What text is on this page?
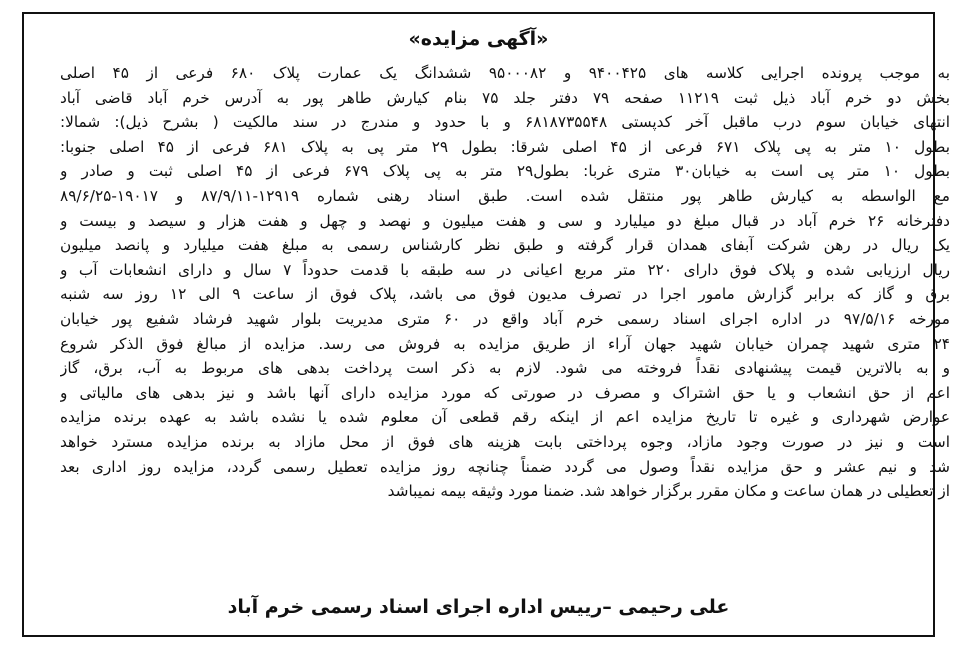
«آگهی مزایده»
به موجب پرونده اجرایی کلاسه های ۹۴۰۰۴۲۵ و ۹۵۰۰۰۸۲ ششدانگ یک عمارت پلاک ۶۸۰ فرعی از ۴۵ اصلی
بخش دو خرم آباد ذیل ثبت ۱۱۲۱۹ صفحه ۷۹ دفتر جلد ۷۵ بنام کیارش طاهر پور به آدرس خرم آباد قاضی آباد
انتهای خیابان سوم درب ماقبل آخر کدپستی ۶۸۱۸۷۳۵۵۴۸ و با حدود و مندرج در سند مالکیت ( بشرح ذیل): شمالا:
بطول ۱۰ متر به پی پلاک ۶۷۱ فرعی از ۴۵ اصلی شرقا: بطول ۲۹ متر پی به پلاک ۶۸۱ فرعی از ۴۵ اصلی جنوبا:
بطول ۱۰ متر پی است به خیابان۳۰ متری غربا: بطول۲۹ متر به پی پلاک ۶۷۹ فرعی از ۴۵ اصلی ثبت و صادر و
مع الواسطه به کیارش طاهر پور منتقل شده است. طبق اسناد رهنی شماره ۱۲۹۱۹-۸۷/۹/۱۱ و ۱۹۰۱۷-۸۹/۶/۲۵
دفترخانه ۲۶ خرم آباد در قبال مبلغ دو میلیارد و سی و هفت میلیون و نهصد و چهل و هفت هزار و سیصد و بیست و
یک ریال در رهن شرکت آبفای همدان قرار گرفته و طبق نظر کارشناس رسمی به مبلغ هفت میلیارد و پانصد میلیون
ریال ارزیابی شده و پلاک فوق دارای ۲۲۰ متر مربع اعیانی در سه طبقه با قدمت حدوداً ۷ سال و دارای انشعابات آب و
برق و گاز که برابر گزارش مامور اجرا در تصرف مدیون فوق می باشد، پلاک فوق از ساعت ۹ الی ۱۲ روز سه شنبه
مورخه ۹۷/۵/۱۶ در اداره اجرای اسناد رسمی خرم آباد واقع در ۶۰ متری مدیریت بلوار شهید فرشاد شفیع پور خیابان
۲۴ متری شهید چمران خیابان شهید جهان آراء از طریق مزایده به فروش می رسد. مزایده از مبالغ فوق الذکر شروع
و به بالاترین قیمت پیشنهادی نقداً فروخته می شود. لازم به ذکر است پرداخت بدهی های مربوط به آب، برق، گاز
اعم از حق انشعاب و یا حق اشتراک و مصرف در صورتی که مورد مزایده دارای آنها باشد و نیز بدهی های مالیاتی و
عوارض شهرداری و غیره تا تاریخ مزایده اعم از اینکه رقم قطعی آن معلوم شده یا نشده باشد به عهده برنده مزایده
است و نیز در صورت وجود مازاد، وجوه پرداختی بابت هزینه های فوق از محل مازاد به برنده مزایده مسترد خواهد
شد و نیم عشر و حق مزایده نقداً وصول می گردد ضمناً چنانچه روز مزایده تعطیل رسمی گردد، مزایده روز اداری بعد
از تعطیلی در همان ساعت و مکان مقرر برگزار خواهد شد. ضمنا مورد وثیقه بیمه نمیباشد
علی رحیمی –رییس اداره اجرای اسناد رسمی خرم آباد
